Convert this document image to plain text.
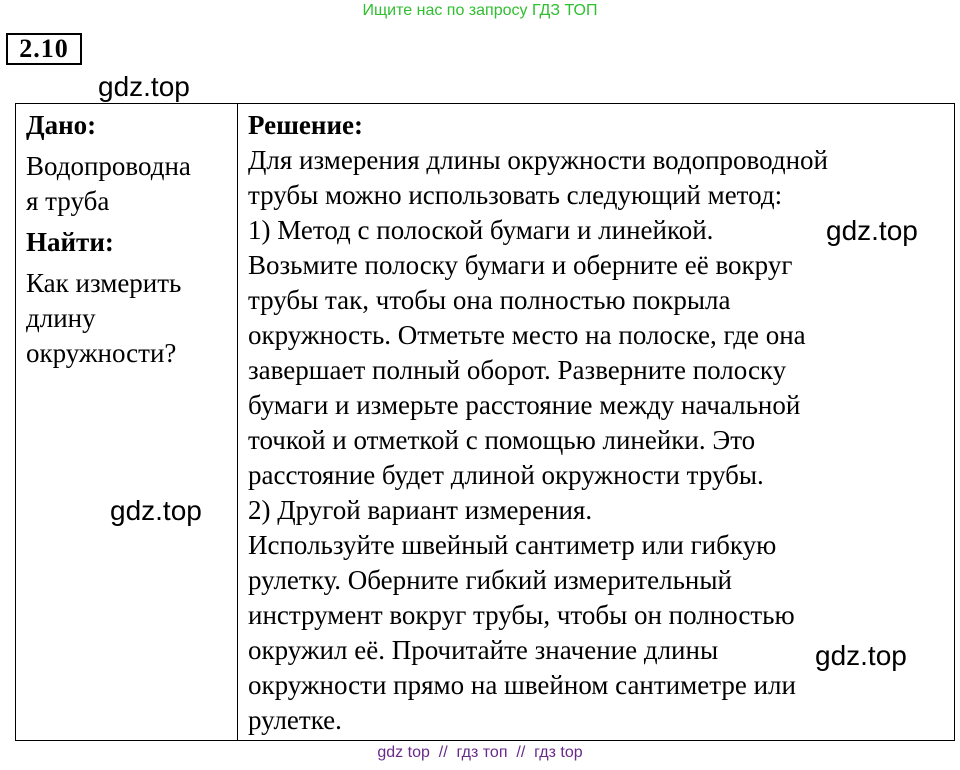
Ищите нас по запросу ГДЗ ТОП
2.10
Дано:
Водопроводна
я труба
Найти:
Как измерить
длину
окружности?
Решение:
Для измерения длины окружности водопроводной
трубы можно использовать следующий метод:
1) Метод с полоской бумаги и линейкой.
Возьмите полоску бумаги и оберните её вокруг
трубы так, чтобы она полностью покрыла
окружность. Отметьте место на полоске, где она
завершает полный оборот. Разверните полоску
бумаги и измерьте расстояние между начальной
точкой и отметкой с помощью линейки. Это
расстояние будет длиной окружности трубы.
2) Другой вариант измерения.
Используйте швейный сантиметр или гибкую
рулетку. Оберните гибкий измерительный
инструмент вокруг трубы, чтобы он полностью
окружил её. Прочитайте значение длины
окружности прямо на швейном сантиметре или
рулетке.
gdz.top
gdz.top
gdz.top
gdz.top
gdz top  //  гдз топ  //  гдз top
